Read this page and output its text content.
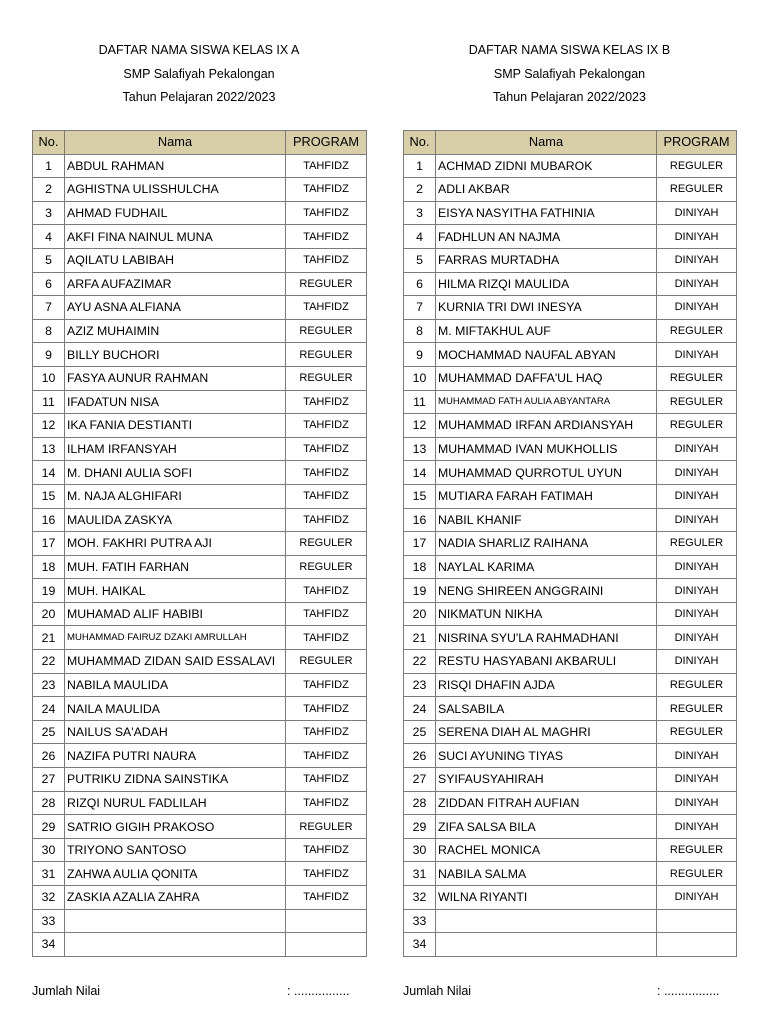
DAFTAR NAMA SISWA KELAS IX A
SMP Salafiyah Pekalongan
Tahun Pelajaran 2022/2023
No.	Nama	PROGRAM
1	ABDUL RAHMAN	TAHFIDZ
2	AGHISTNA ULISSHULCHA	TAHFIDZ
3	AHMAD FUDHAIL	TAHFIDZ
4	AKFI FINA NAINUL MUNA	TAHFIDZ
5	AQILATU LABIBAH	TAHFIDZ
6	ARFA AUFAZIMAR	REGULER
7	AYU ASNA ALFIANA	TAHFIDZ
8	AZIZ MUHAIMIN	REGULER
9	BILLY BUCHORI	REGULER
10	FASYA AUNUR RAHMAN	REGULER
11	IFADATUN NISA	TAHFIDZ
12	IKA FANIA DESTIANTI	TAHFIDZ
13	ILHAM IRFANSYAH	TAHFIDZ
14	M. DHANI AULIA SOFI	TAHFIDZ
15	M. NAJA ALGHIFARI	TAHFIDZ
16	MAULIDA ZASKYA	TAHFIDZ
17	MOH. FAKHRI PUTRA AJI	REGULER
18	MUH. FATIH FARHAN	REGULER
19	MUH. HAIKAL	TAHFIDZ
20	MUHAMAD ALIF HABIBI	TAHFIDZ
21	MUHAMMAD FAIRUZ DZAKI AMRULLAH	TAHFIDZ
22	MUHAMMAD ZIDAN SAID ESSALAVI	REGULER
23	NABILA MAULIDA	TAHFIDZ
24	NAILA MAULIDA	TAHFIDZ
25	NAILUS SA'ADAH	TAHFIDZ
26	NAZIFA PUTRI NAURA	TAHFIDZ
27	PUTRIKU ZIDNA SAINSTIKA	TAHFIDZ
28	RIZQI NURUL FADLILAH	TAHFIDZ
29	SATRIO GIGIH PRAKOSO	REGULER
30	TRIYONO SANTOSO	TAHFIDZ
31	ZAHWA AULIA QONITA	TAHFIDZ
32	ZASKIA AZALIA ZAHRA	TAHFIDZ
33		
34		
Jumlah Nilai	: ................
DAFTAR NAMA SISWA KELAS IX B
SMP Salafiyah Pekalongan
Tahun Pelajaran 2022/2023
No.	Nama	PROGRAM
1	ACHMAD ZIDNI MUBAROK	REGULER
2	ADLI AKBAR	REGULER
3	EISYA NASYITHA FATHINIA	DINIYAH
4	FADHLUN AN NAJMA	DINIYAH
5	FARRAS MURTADHA	DINIYAH
6	HILMA RIZQI MAULIDA	DINIYAH
7	KURNIA TRI DWI INESYA	DINIYAH
8	M. MIFTAKHUL AUF	REGULER
9	MOCHAMMAD NAUFAL ABYAN	DINIYAH
10	MUHAMMAD DAFFA'UL HAQ	REGULER
11	MUHAMMAD FATH AULIA ABYANTARA	REGULER
12	MUHAMMAD IRFAN ARDIANSYAH	REGULER
13	MUHAMMAD IVAN MUKHOLLIS	DINIYAH
14	MUHAMMAD QURROTUL UYUN	DINIYAH
15	MUTIARA FARAH FATIMAH	DINIYAH
16	NABIL KHANIF	DINIYAH
17	NADIA SHARLIZ RAIHANA	REGULER
18	NAYLAL KARIMA	DINIYAH
19	NENG SHIREEN ANGGRAINI	DINIYAH
20	NIKMATUN NIKHA	DINIYAH
21	NISRINA SYU'LA RAHMADHANI	DINIYAH
22	RESTU HASYABANI AKBARULI	DINIYAH
23	RISQI DHAFIN AJDA	REGULER
24	SALSABILA	REGULER
25	SERENA DIAH AL MAGHRI	REGULER
26	SUCI AYUNING TIYAS	DINIYAH
27	SYIFAUSYAHIRAH	DINIYAH
28	ZIDDAN FITRAH AUFIAN	DINIYAH
29	ZIFA SALSA BILA	DINIYAH
30	RACHEL MONICA	REGULER
31	NABILA SALMA	REGULER
32	WILNA RIYANTI	DINIYAH
33		
34		
Jumlah Nilai	: ................
